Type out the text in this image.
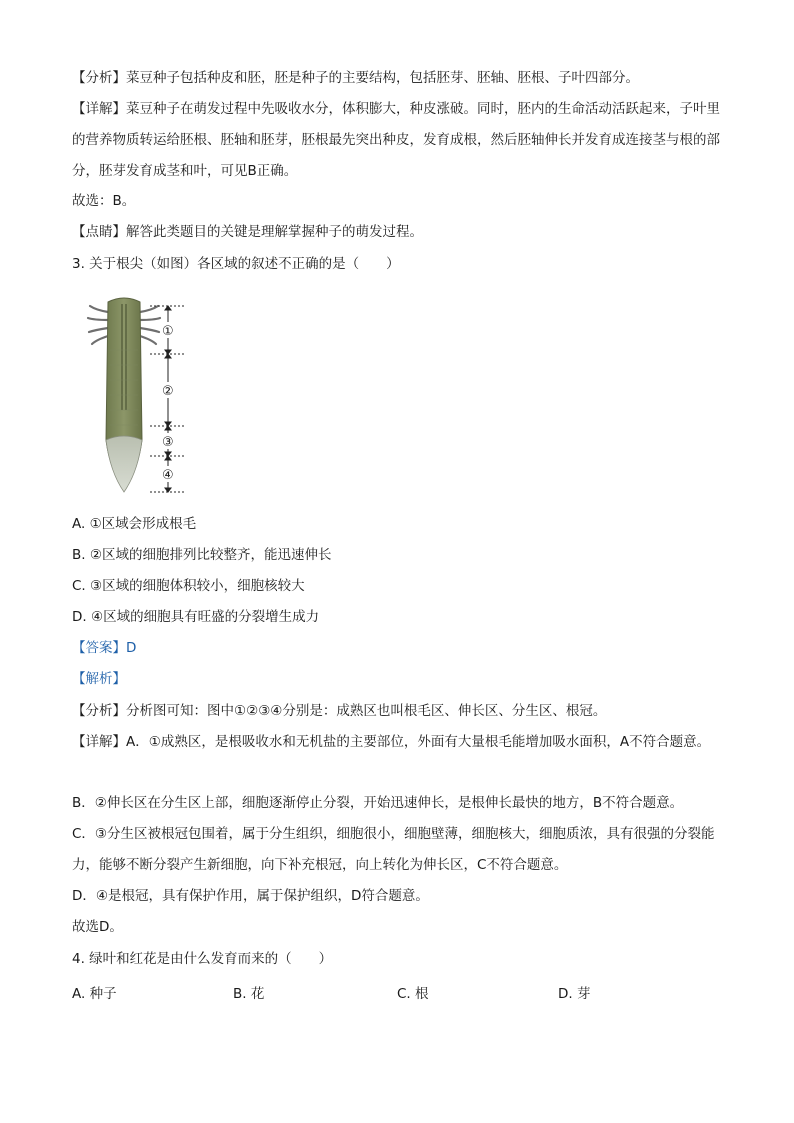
【分析】菜豆种子包括种皮和胚，胚是种子的主要结构，包括胚芽、胚轴、胚根、子叶四部分。
【详解】菜豆种子在萌发过程中先吸收水分，体积膨大，种皮涨破。同时，胚内的生命活动活跃起来，子叶里的营养物质转运给胚根、胚轴和胚芽，胚根最先突出种皮，发育成根，然后胚轴伸长并发育成连接茎与根的部分，胚芽发育成茎和叶，可见B正确。
故选：B。
【点睛】解答此类题目的关键是理解掌握种子的萌发过程。
3. 关于根尖（如图）各区域的叙述不正确的是（　　）
①
②
③
④
A. ①区域会形成根毛
B. ②区域的细胞排列比较整齐，能迅速伸长
C. ③区域的细胞体积较小，细胞核较大
D. ④区域的细胞具有旺盛的分裂增生成力
【答案】D
【解析】
【分析】分析图可知：图中①②③④分别是：成熟区也叫根毛区、伸长区、分生区、根冠。
【详解】A．①成熟区，是根吸收水和无机盐的主要部位，外面有大量根毛能增加吸水面积，A不符合题意。
B．②伸长区在分生区上部，细胞逐渐停止分裂，开始迅速伸长，是根伸长最快的地方，B不符合题意。
C．③分生区被根冠包围着，属于分生组织，细胞很小，细胞壁薄，细胞核大，细胞质浓，具有很强的分裂能力，能够不断分裂产生新细胞，向下补充根冠，向上转化为伸长区，C不符合题意。
D．④是根冠，具有保护作用，属于保护组织，D符合题意。
故选D。
4. 绿叶和红花是由什么发育而来的（　　）
A. 种子	B. 花	C. 根	D. 芽
